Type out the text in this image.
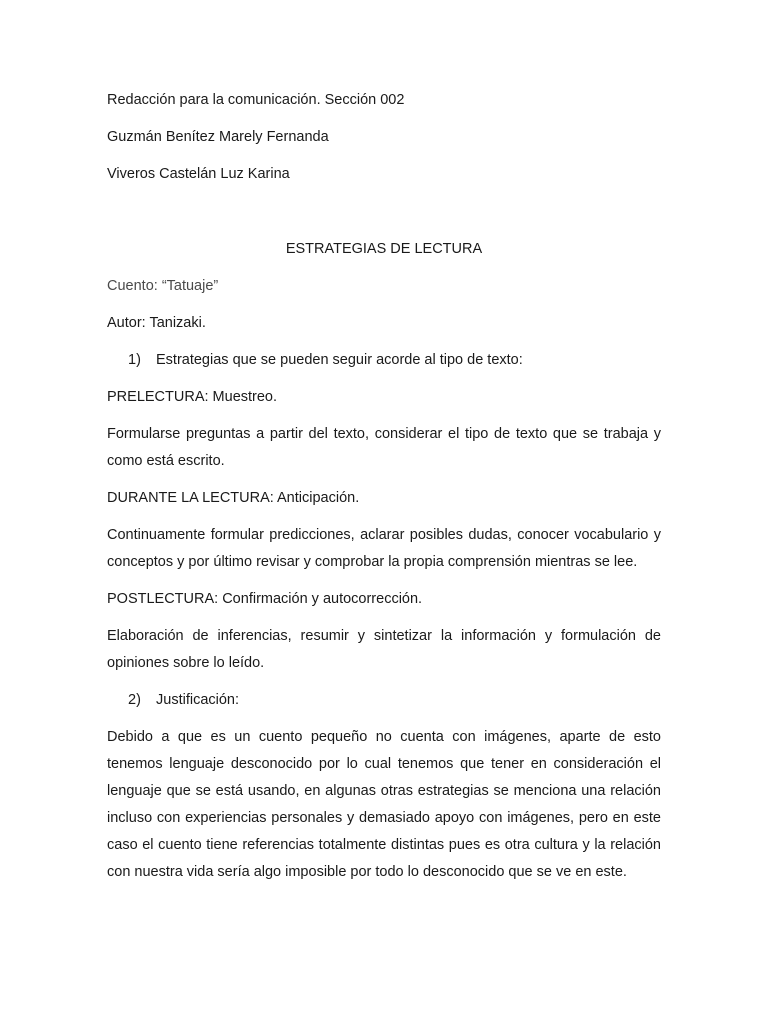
Redacción para la comunicación. Sección 002

Guzmán Benítez Marely Fernanda

Viveros Castelán Luz Karina

ESTRATEGIAS DE LECTURA

Cuento: “Tatuaje”

Autor: Tanizaki.

1) Estrategias que se pueden seguir acorde al tipo de texto:

PRELECTURA: Muestreo.

Formularse preguntas a partir del texto, considerar el tipo de texto que se trabaja y como está escrito.

DURANTE LA LECTURA: Anticipación.

Continuamente formular predicciones, aclarar posibles dudas, conocer vocabulario y conceptos y por último revisar y comprobar la propia comprensión mientras se lee.

POSTLECTURA: Confirmación y autocorrección.

Elaboración de inferencias, resumir y sintetizar la información y formulación de opiniones sobre lo leído.

2) Justificación:

Debido a que es un cuento pequeño no cuenta con imágenes, aparte de esto tenemos lenguaje desconocido por lo cual tenemos que tener en consideración el lenguaje que se está usando, en algunas otras estrategias se menciona una relación incluso con experiencias personales y demasiado apoyo con imágenes, pero en este caso el cuento tiene referencias totalmente distintas pues es otra cultura y la relación con nuestra vida sería algo imposible por todo lo desconocido que se ve en este.
